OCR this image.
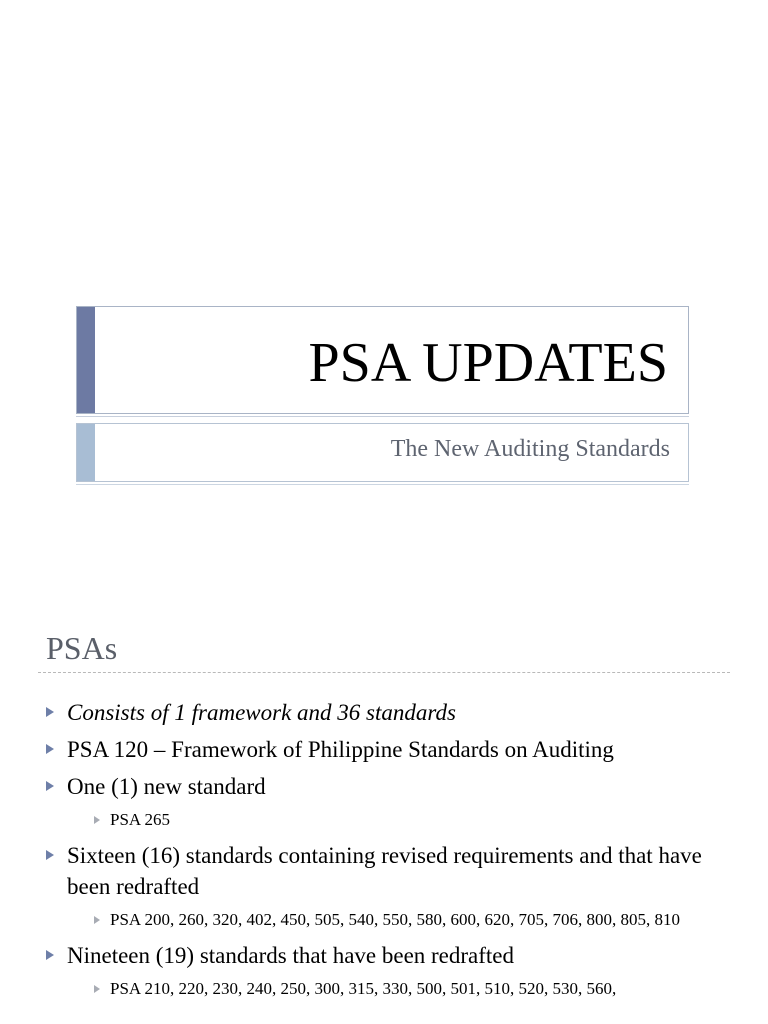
PSA UPDATES
The New Auditing Standards
PSAs
Consists of 1 framework and 36 standards
PSA 120 – Framework of Philippine Standards on Auditing
One (1) new standard
PSA 265
Sixteen (16) standards containing revised requirements and that have been redrafted
PSA 200, 260, 320, 402, 450, 505, 540, 550, 580, 600, 620, 705, 706, 800, 805, 810
Nineteen (19) standards that have been redrafted
PSA 210, 220, 230, 240, 250, 300, 315, 330, 500, 501, 510, 520, 530, 560,
